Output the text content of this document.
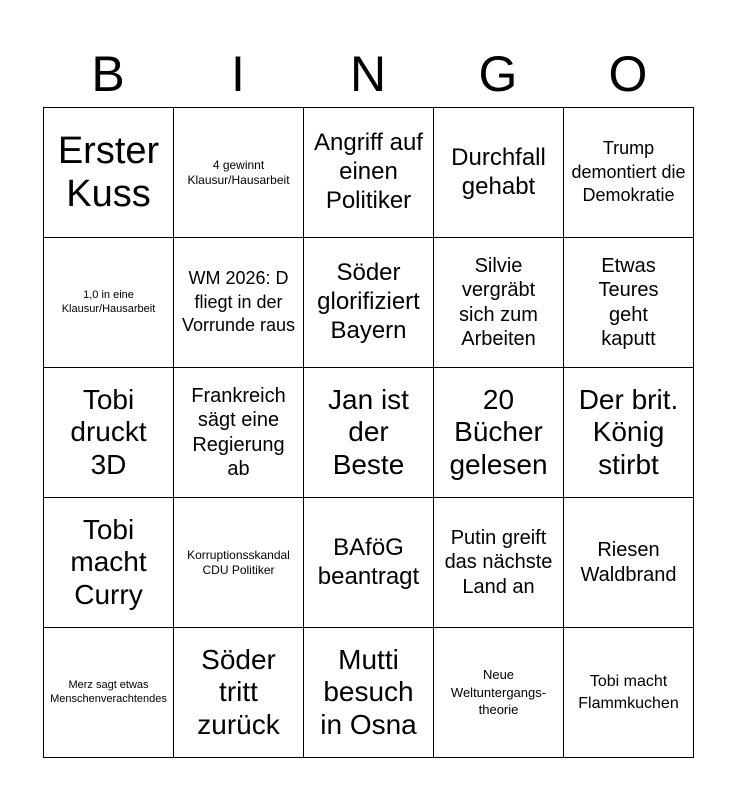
B	I	N	G	O
Erster Kuss
4 gewinnt Klausur/Hausarbeit
Angriff auf einen Politiker
Durchfall gehabt
Trump demontiert die Demokratie
1,0 in eine Klausur/Hausarbeit
WM 2026: D fliegt in der Vorrunde raus
Söder glorifiziert Bayern
Silvie vergräbt sich zum Arbeiten
Etwas Teures geht kaputt
Tobi druckt 3D
Frankreich sägt eine Regierung ab
Jan ist der Beste
20 Bücher gelesen
Der brit. König stirbt
Tobi macht Curry
Korruptionsskandal CDU Politiker
BAföG beantragt
Putin greift das nächste Land an
Riesen Waldbrand
Merz sagt etwas Menschenverachtendes
Söder tritt zurück
Mutti besuch in Osna
Neue Weltuntergangs-theorie
Tobi macht Flammkuchen
